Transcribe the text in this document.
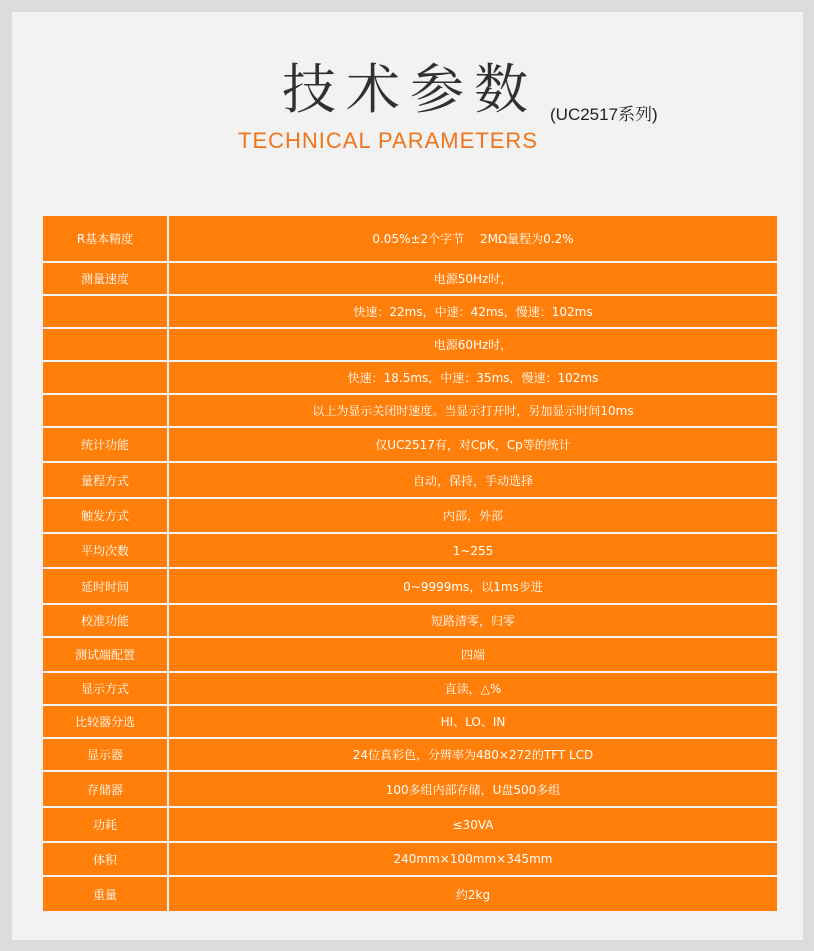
技术参数 (UC2517系列)
TECHNICAL PARAMETERS
R基本精度	0.05%±2个字节　 2MΩ量程为0.2%
测量速度	电源50Hz时，
	快速：22ms，中速：42ms，慢速：102ms
	电源60Hz时，
	快速：18.5ms，中速：35ms，慢速：102ms
	以上为显示关闭时速度。当显示打开时，另加显示时间10ms
统计功能	仅UC2517有，对CpK，Cp等的统计
量程方式	自动，保持，手动选择
触发方式	内部，外部
平均次数	1~255
延时时间	0~9999ms，以1ms步进
校准功能	短路清零，归零
测试端配置	四端
显示方式	直读，△%
比较器分选	HI、LO、IN
显示器	24位真彩色，分辨率为480×272的TFT LCD
存储器	100多组内部存储，U盘500多组
功耗	≤30VA
体积	240mm×100mm×345mm
重量	约2kg
